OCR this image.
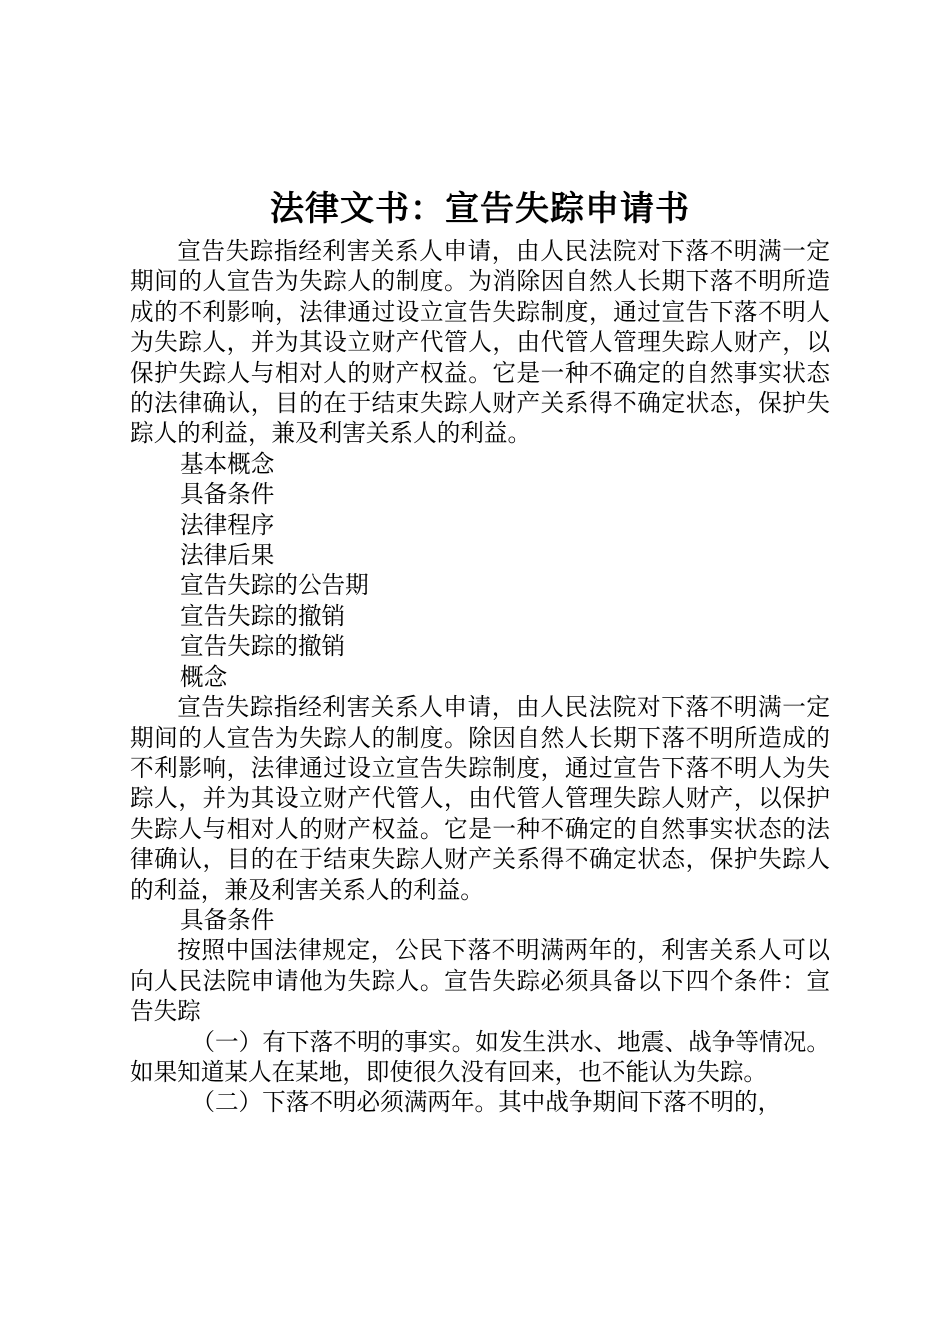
法律文书：宣告失踪申请书

宣告失踪指经利害关系人申请，由人民法院对下落不明满一定期间的人宣告为失踪人的制度。为消除因自然人长期下落不明所造成的不利影响，法律通过设立宣告失踪制度，通过宣告下落不明人为失踪人，并为其设立财产代管人，由代管人管理失踪人财产，以保护失踪人与相对人的财产权益。它是一种不确定的自然事实状态的法律确认，目的在于结束失踪人财产关系得不确定状态，保护失踪人的利益，兼及利害关系人的利益。

基本概念

具备条件

法律程序

法律后果

宣告失踪的公告期

宣告失踪的撤销

宣告失踪的撤销

概念

宣告失踪指经利害关系人申请，由人民法院对下落不明满一定期间的人宣告为失踪人的制度。除因自然人长期下落不明所造成的不利影响，法律通过设立宣告失踪制度，通过宣告下落不明人为失踪人，并为其设立财产代管人，由代管人管理失踪人财产，以保护失踪人与相对人的财产权益。它是一种不确定的自然事实状态的法律确认，目的在于结束失踪人财产关系得不确定状态，保护失踪人的利益，兼及利害关系人的利益。

具备条件

按照中国法律规定，公民下落不明满两年的，利害关系人可以向人民法院申请他为失踪人。宣告失踪必须具备以下四个条件：宣告失踪

（一）有下落不明的事实。如发生洪水、地震、战争等情况。如果知道某人在某地，即使很久没有回来，也不能认为失踪。

（二）下落不明必须满两年。其中战争期间下落不明的，
